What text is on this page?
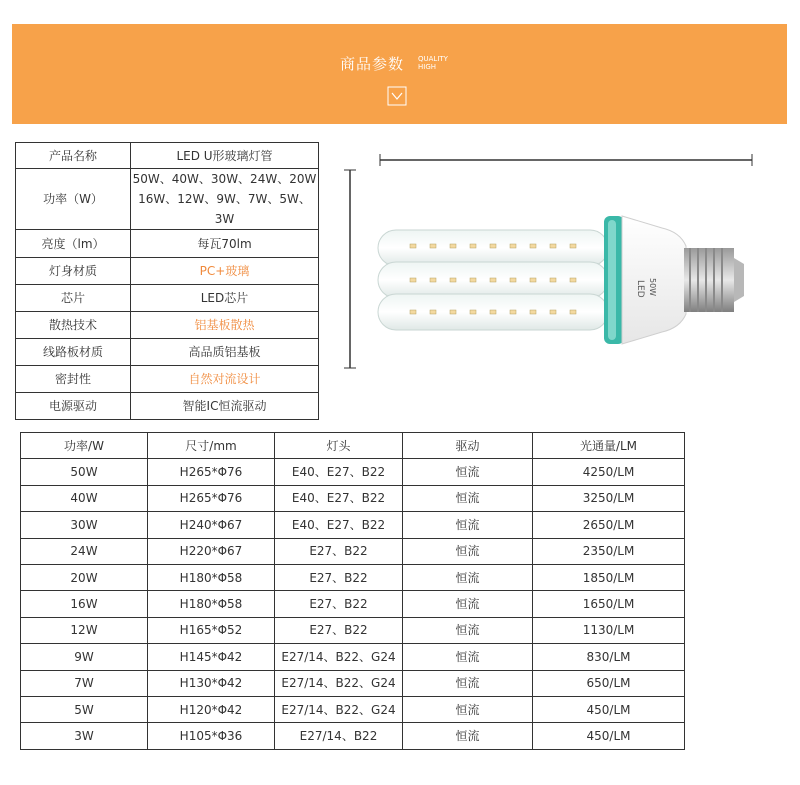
商品参数 QUALITY
HIGH
产品名称	LED U形玻璃灯管
功率（W）	50W、40W、30W、24W、20W
16W、12W、9W、7W、5W、3W

亮度（lm）	每瓦70lm
灯身材质	PC+玻璃
芯片	LED芯片
散热技术	铝基板散热
线路板材质	高品质铝基板
密封性	自然对流设计
电源驱动	智能IC恒流驱动
LED 50W
功率/W	尺寸/mm	灯头	驱动	光通量/LM
50W	H265*Φ76	E40、E27、B22	恒流	4250/LM
40W	H265*Φ76	E40、E27、B22	恒流	3250/LM
30W	H240*Φ67	E40、E27、B22	恒流	2650/LM
24W	H220*Φ67	E27、B22	恒流	2350/LM
20W	H180*Φ58	E27、B22	恒流	1850/LM
16W	H180*Φ58	E27、B22	恒流	1650/LM
12W	H165*Φ52	E27、B22	恒流	1130/LM
9W	H145*Φ42	E27/14、B22、G24	恒流	830/LM
7W	H130*Φ42	E27/14、B22、G24	恒流	650/LM
5W	H120*Φ42	E27/14、B22、G24	恒流	450/LM
3W	H105*Φ36	E27/14、B22	恒流	450/LM
